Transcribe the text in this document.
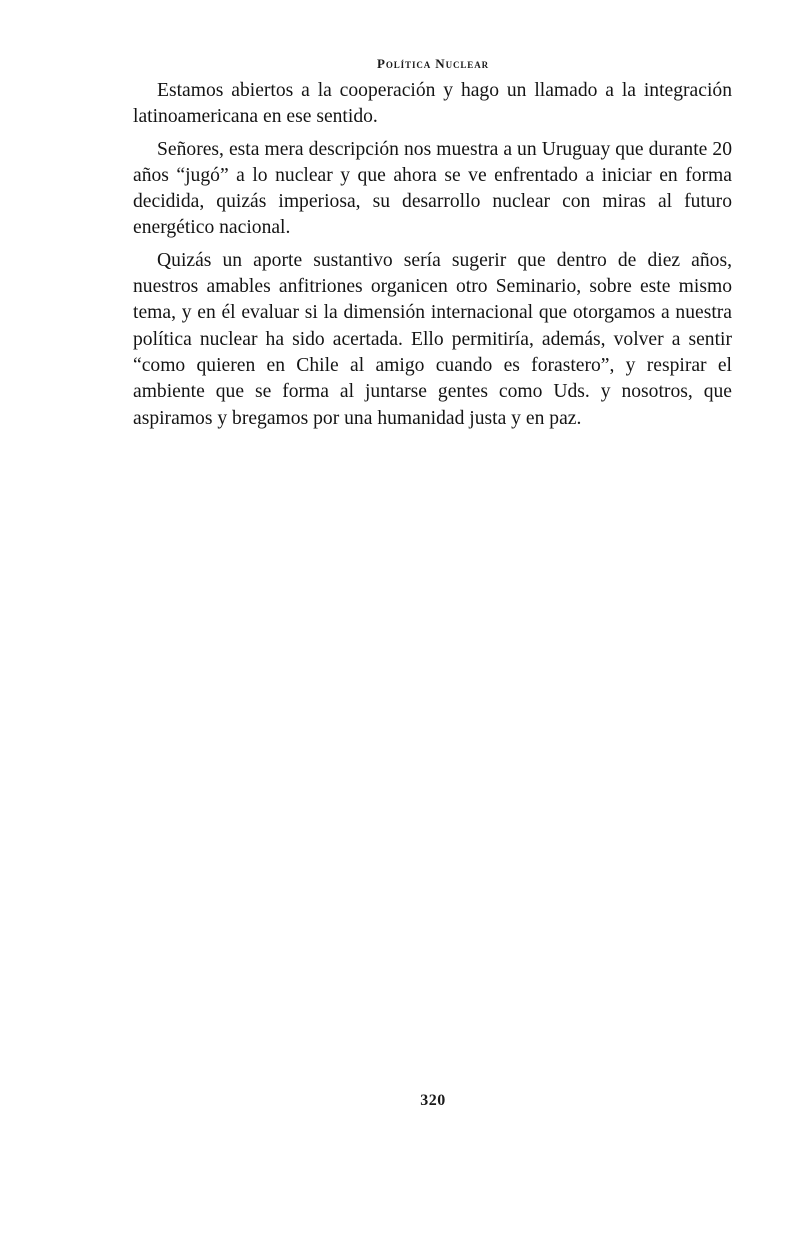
Política Nuclear

Estamos abiertos a la cooperación y hago un llamado a la integración latinoamericana en ese sentido.

Señores, esta mera descripción nos muestra a un Uruguay que durante 20 años “jugó” a lo nuclear y que ahora se ve enfrentado a iniciar en forma decidida, quizás imperiosa, su desarrollo nuclear con miras al futuro energético nacional.

Quizás un aporte sustantivo sería sugerir que dentro de diez años, nuestros amables anfitriones organicen otro Seminario, sobre este mismo tema, y en él evaluar si la dimensión internacional que otorgamos a nuestra política nuclear ha sido acertada. Ello permitiría, además, volver a sentir “como quieren en Chile al amigo cuando es forastero”, y respirar el ambiente que se forma al juntarse gentes como Uds. y nosotros, que aspiramos y bregamos por una humanidad justa y en paz.

320
